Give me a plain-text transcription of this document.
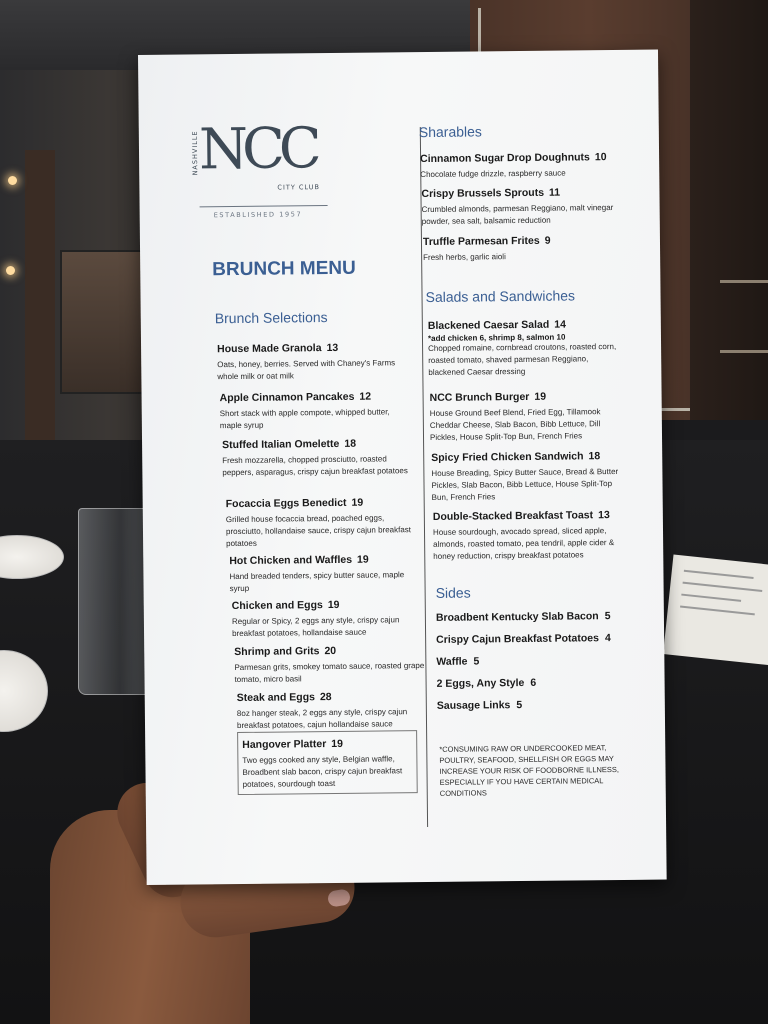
NASHVILLE NCC
CITY CLUB
ESTABLISHED 1957
BRUNCH MENU
Brunch Selections
House Made Granola 13
Oats, honey, berries. Served with Chaney's Farms whole milk or oat milk
Apple Cinnamon Pancakes 12
Short stack with apple compote, whipped butter, maple syrup
Stuffed Italian Omelette 18
Fresh mozzarella, chopped prosciutto, roasted peppers, asparagus, crispy cajun breakfast potatoes
Focaccia Eggs Benedict 19
Grilled house focaccia bread, poached eggs, prosciutto, hollandaise sauce, crispy cajun breakfast potatoes
Hot Chicken and Waffles 19
Hand breaded tenders, spicy butter sauce, maple syrup
Chicken and Eggs 19
Regular or Spicy, 2 eggs any style, crispy cajun breakfast potatoes, hollandaise sauce
Shrimp and Grits 20
Parmesan grits, smokey tomato sauce, roasted grape tomato, micro basil
Steak and Eggs 28
8oz hanger steak, 2 eggs any style, crispy cajun breakfast potatoes, cajun hollandaise sauce
Hangover Platter 19
Two eggs cooked any style, Belgian waffle, Broadbent slab bacon, crispy cajun breakfast potatoes, sourdough toast
Sharables
Cinnamon Sugar Drop Doughnuts 10
Chocolate fudge drizzle, raspberry sauce
Crispy Brussels Sprouts 11
Crumbled almonds, parmesan Reggiano, malt vinegar powder, sea salt, balsamic reduction
Truffle Parmesan Frites 9
Fresh herbs, garlic aioli
Salads and Sandwiches
Blackened Caesar Salad 14
*add chicken 6, shrimp 8, salmon 10
Chopped romaine, cornbread croutons, roasted corn, roasted tomato, shaved parmesan Reggiano, blackened Caesar dressing
NCC Brunch Burger 19
House Ground Beef Blend, Fried Egg, Tillamook Cheddar Cheese, Slab Bacon, Bibb Lettuce, Dill Pickles, House Split-Top Bun, French Fries
Spicy Fried Chicken Sandwich 18
House Breading, Spicy Butter Sauce, Bread & Butter Pickles, Slab Bacon, Bibb Lettuce, House Split-Top Bun, French Fries
Double-Stacked Breakfast Toast 13
House sourdough, avocado spread, sliced apple, almonds, roasted tomato, pea tendril, apple cider & honey reduction, crispy breakfast potatoes
Sides
Broadbent Kentucky Slab Bacon 5
Crispy Cajun Breakfast Potatoes 4
Waffle 5
2 Eggs, Any Style 6
Sausage Links 5
*CONSUMING RAW OR UNDERCOOKED MEAT, POULTRY, SEAFOOD, SHELLFISH OR EGGS MAY INCREASE YOUR RISK OF FOODBORNE ILLNESS, ESPECIALLY IF YOU HAVE CERTAIN MEDICAL CONDITIONS
